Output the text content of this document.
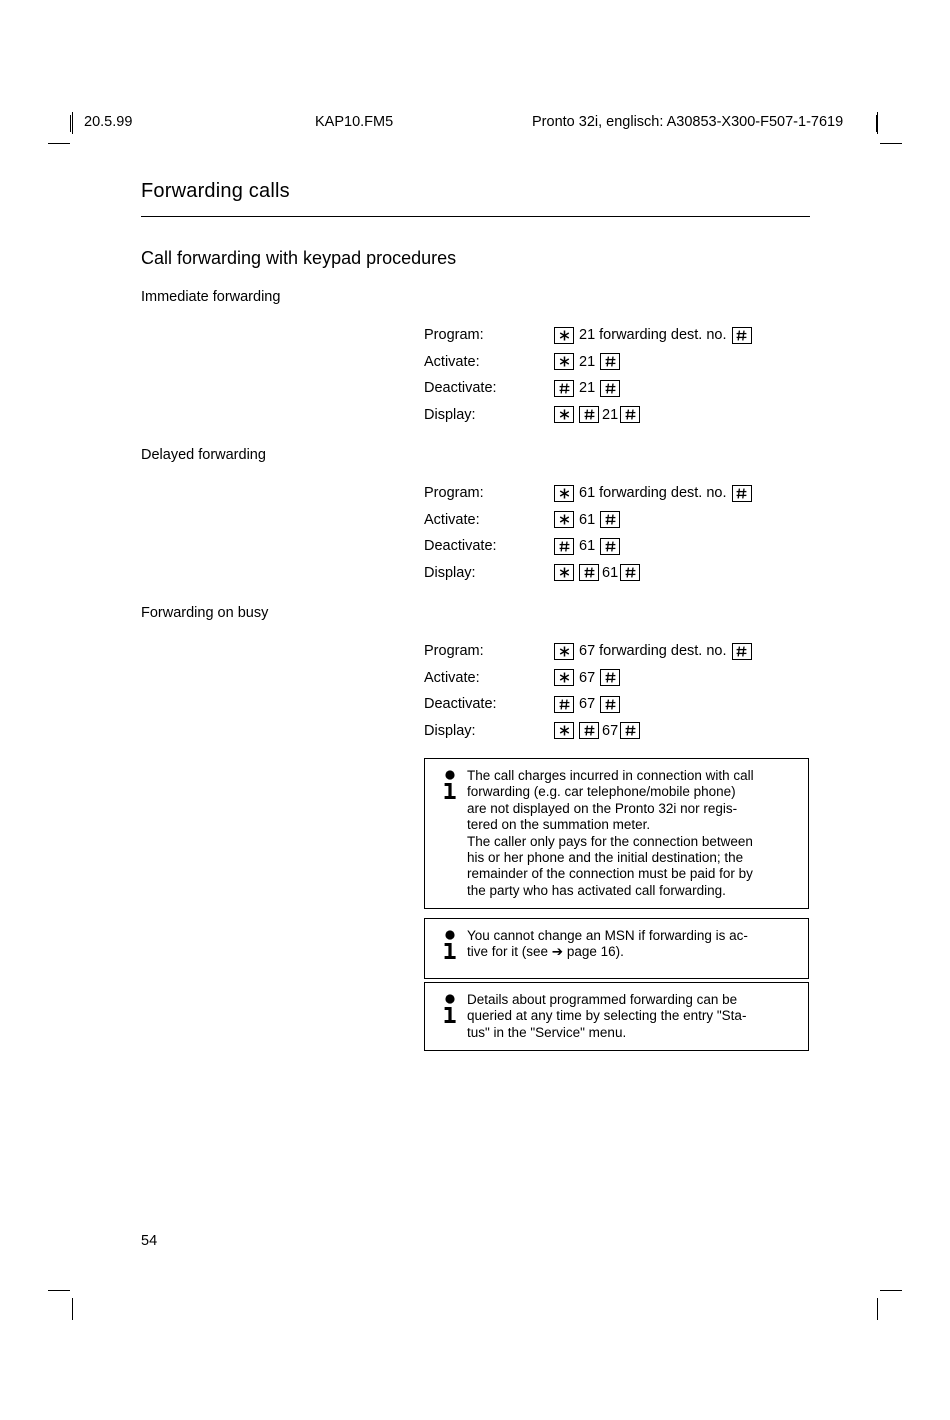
20.5.99	KAP10.FM5	Pronto 32i, englisch: A30853-X300-F507-1-7619
Forwarding calls
Call forwarding with keypad procedures
Immediate forwarding
Delayed forwarding
Forwarding on busy
Program:	21 forwarding dest. no.
Activate:	21
Deactivate:	21
Display:	21
Program:	61 forwarding dest. no.
Activate:	61
Deactivate:	61
Display:	61
Program:	67 forwarding dest. no.
Activate:	67
Deactivate:	67
Display:	67

The call charges incurred in connection with call

forwarding (e.g. car telephone/mobile phone)

are not displayed on the Pronto 32i nor regis-

tered on the summation meter.

The caller only pays for the connection between

his or her phone and the initial destination; the

remainder of the connection must be paid for by

the party who has activated call forwarding.

You cannot change an MSN if forwarding is ac-

tive for it (see ➔ page 16).

Details about programmed forwarding can be

queried at any time by selecting the entry "Sta-

tus" in the "Service" menu.

54
